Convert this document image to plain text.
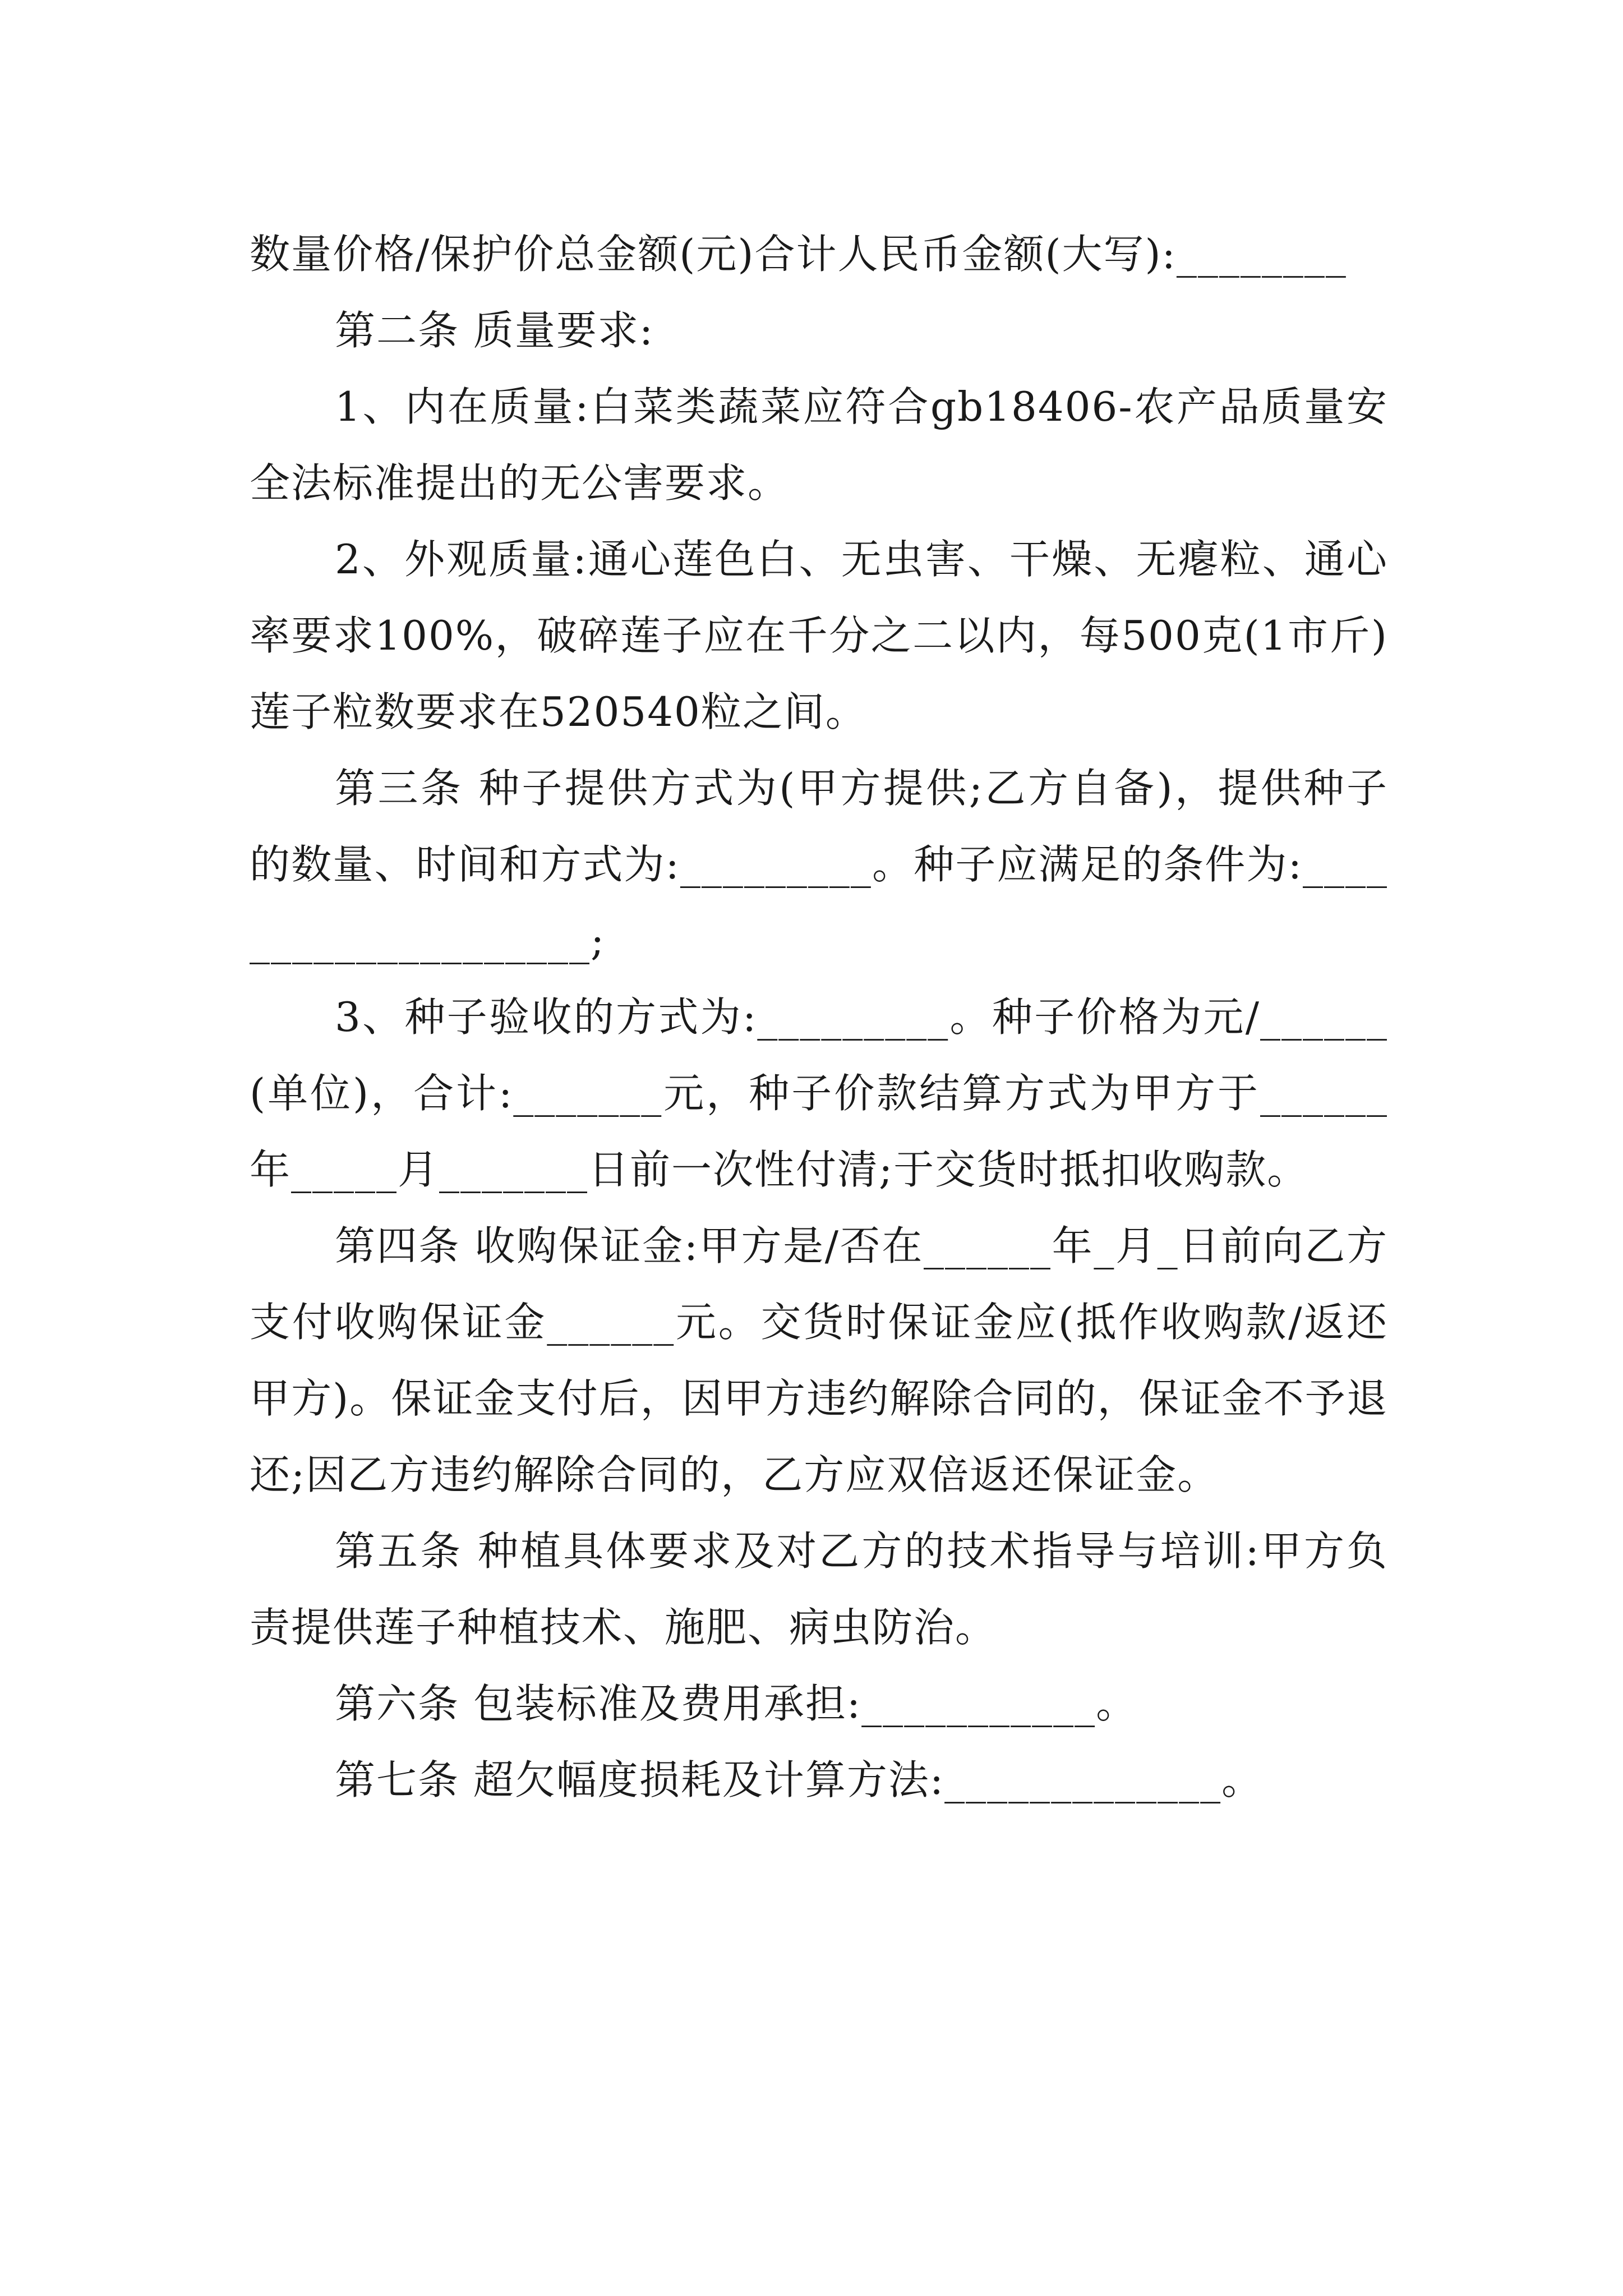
数量价格/保护价总金额(元)合计人民币金额(大写):________

第二条 质量要求:

1、内在质量:白菜类蔬菜应符合gb18406-农产品质量安全法标准提出的无公害要求。

2、外观质量:通心莲色白、无虫害、干燥、无瘪粒、通心率要求100%，破碎莲子应在千分之二以内，每500克(1市斤)莲子粒数要求在520540粒之间。

第三条 种子提供方式为(甲方提供;乙方自备)，提供种子的数量、时间和方式为:_________。种子应满足的条件为:____________________;

3、种子验收的方式为:_________。种子价格为元/______(单位)，合计:_______元，种子价款结算方式为甲方于______年_____月_______日前一次性付清;于交货时抵扣收购款。

第四条 收购保证金:甲方是/否在______年_月_日前向乙方支付收购保证金______元。交货时保证金应(抵作收购款/返还甲方)。保证金支付后，因甲方违约解除合同的，保证金不予退还;因乙方违约解除合同的，乙方应双倍返还保证金。

第五条 种植具体要求及对乙方的技术指导与培训:甲方负责提供莲子种植技术、施肥、病虫防治。

第六条 包装标准及费用承担:___________。

第七条 超欠幅度损耗及计算方法:_____________。
